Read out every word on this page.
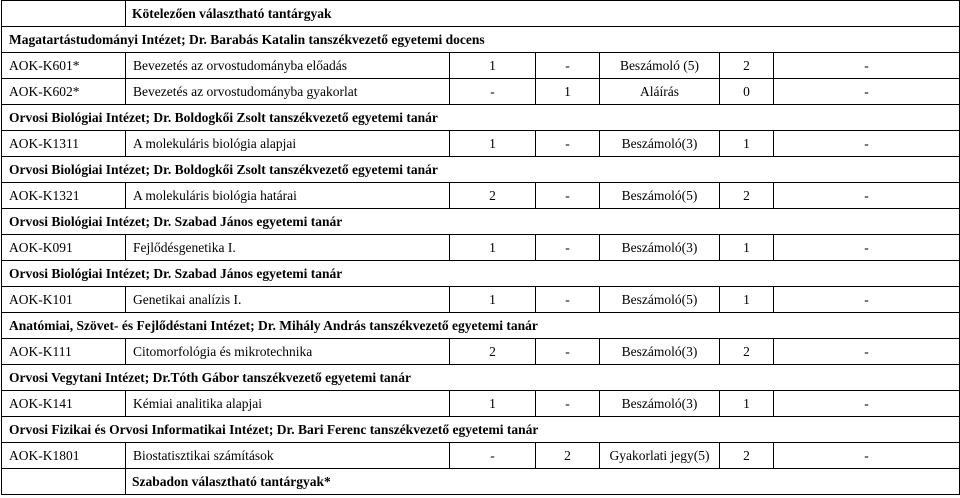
	Kötelezően választható tantárgyak					
Magatartástudományi Intézet; Dr. Barabás Katalin tanszékvezető egyetemi docens						
AOK-K601*	Bevezetés az orvostudományba előadás	1	-	Beszámoló (5)	2	-
AOK-K602*	Bevezetés az orvostudományba gyakorlat	-	1	Aláírás	0	-
Orvosi Biológiai Intézet; Dr. Boldogkői Zsolt tanszékvezető egyetemi tanár						
AOK-K1311	A molekuláris biológia alapjai	1	-	Beszámoló(3)	1	-
Orvosi Biológiai Intézet; Dr. Boldogkői Zsolt tanszékvezető egyetemi tanár						
AOK-K1321	A molekuláris biológia határai	2	-	Beszámoló(5)	2	-
Orvosi Biológiai Intézet; Dr. Szabad János egyetemi tanár						
AOK-K091	Fejlődésgenetika I.	1	-	Beszámoló(3)	1	-
Orvosi Biológiai Intézet; Dr. Szabad János egyetemi tanár						
AOK-K101	Genetikai analízis I.	1	-	Beszámoló(5)	1	-
Anatómiai, Szövet- és Fejlődéstani Intézet; Dr. Mihály András tanszékvezető egyetemi tanár						
AOK-K111	Citomorfológia és mikrotechnika	2	-	Beszámoló(3)	2	-
Orvosi Vegytani Intézet; Dr.Tóth Gábor tanszékvezető egyetemi tanár						
AOK-K141	Kémiai analitika alapjai	1	-	Beszámoló(3)	1	-
Orvosi Fizikai és Orvosi Informatikai Intézet; Dr. Bari Ferenc tanszékvezető egyetemi tanár						
AOK-K1801	Biostatisztikai számítások	-	2	Gyakorlati jegy(5)	2	-
	Szabadon választható tantárgyak*					
